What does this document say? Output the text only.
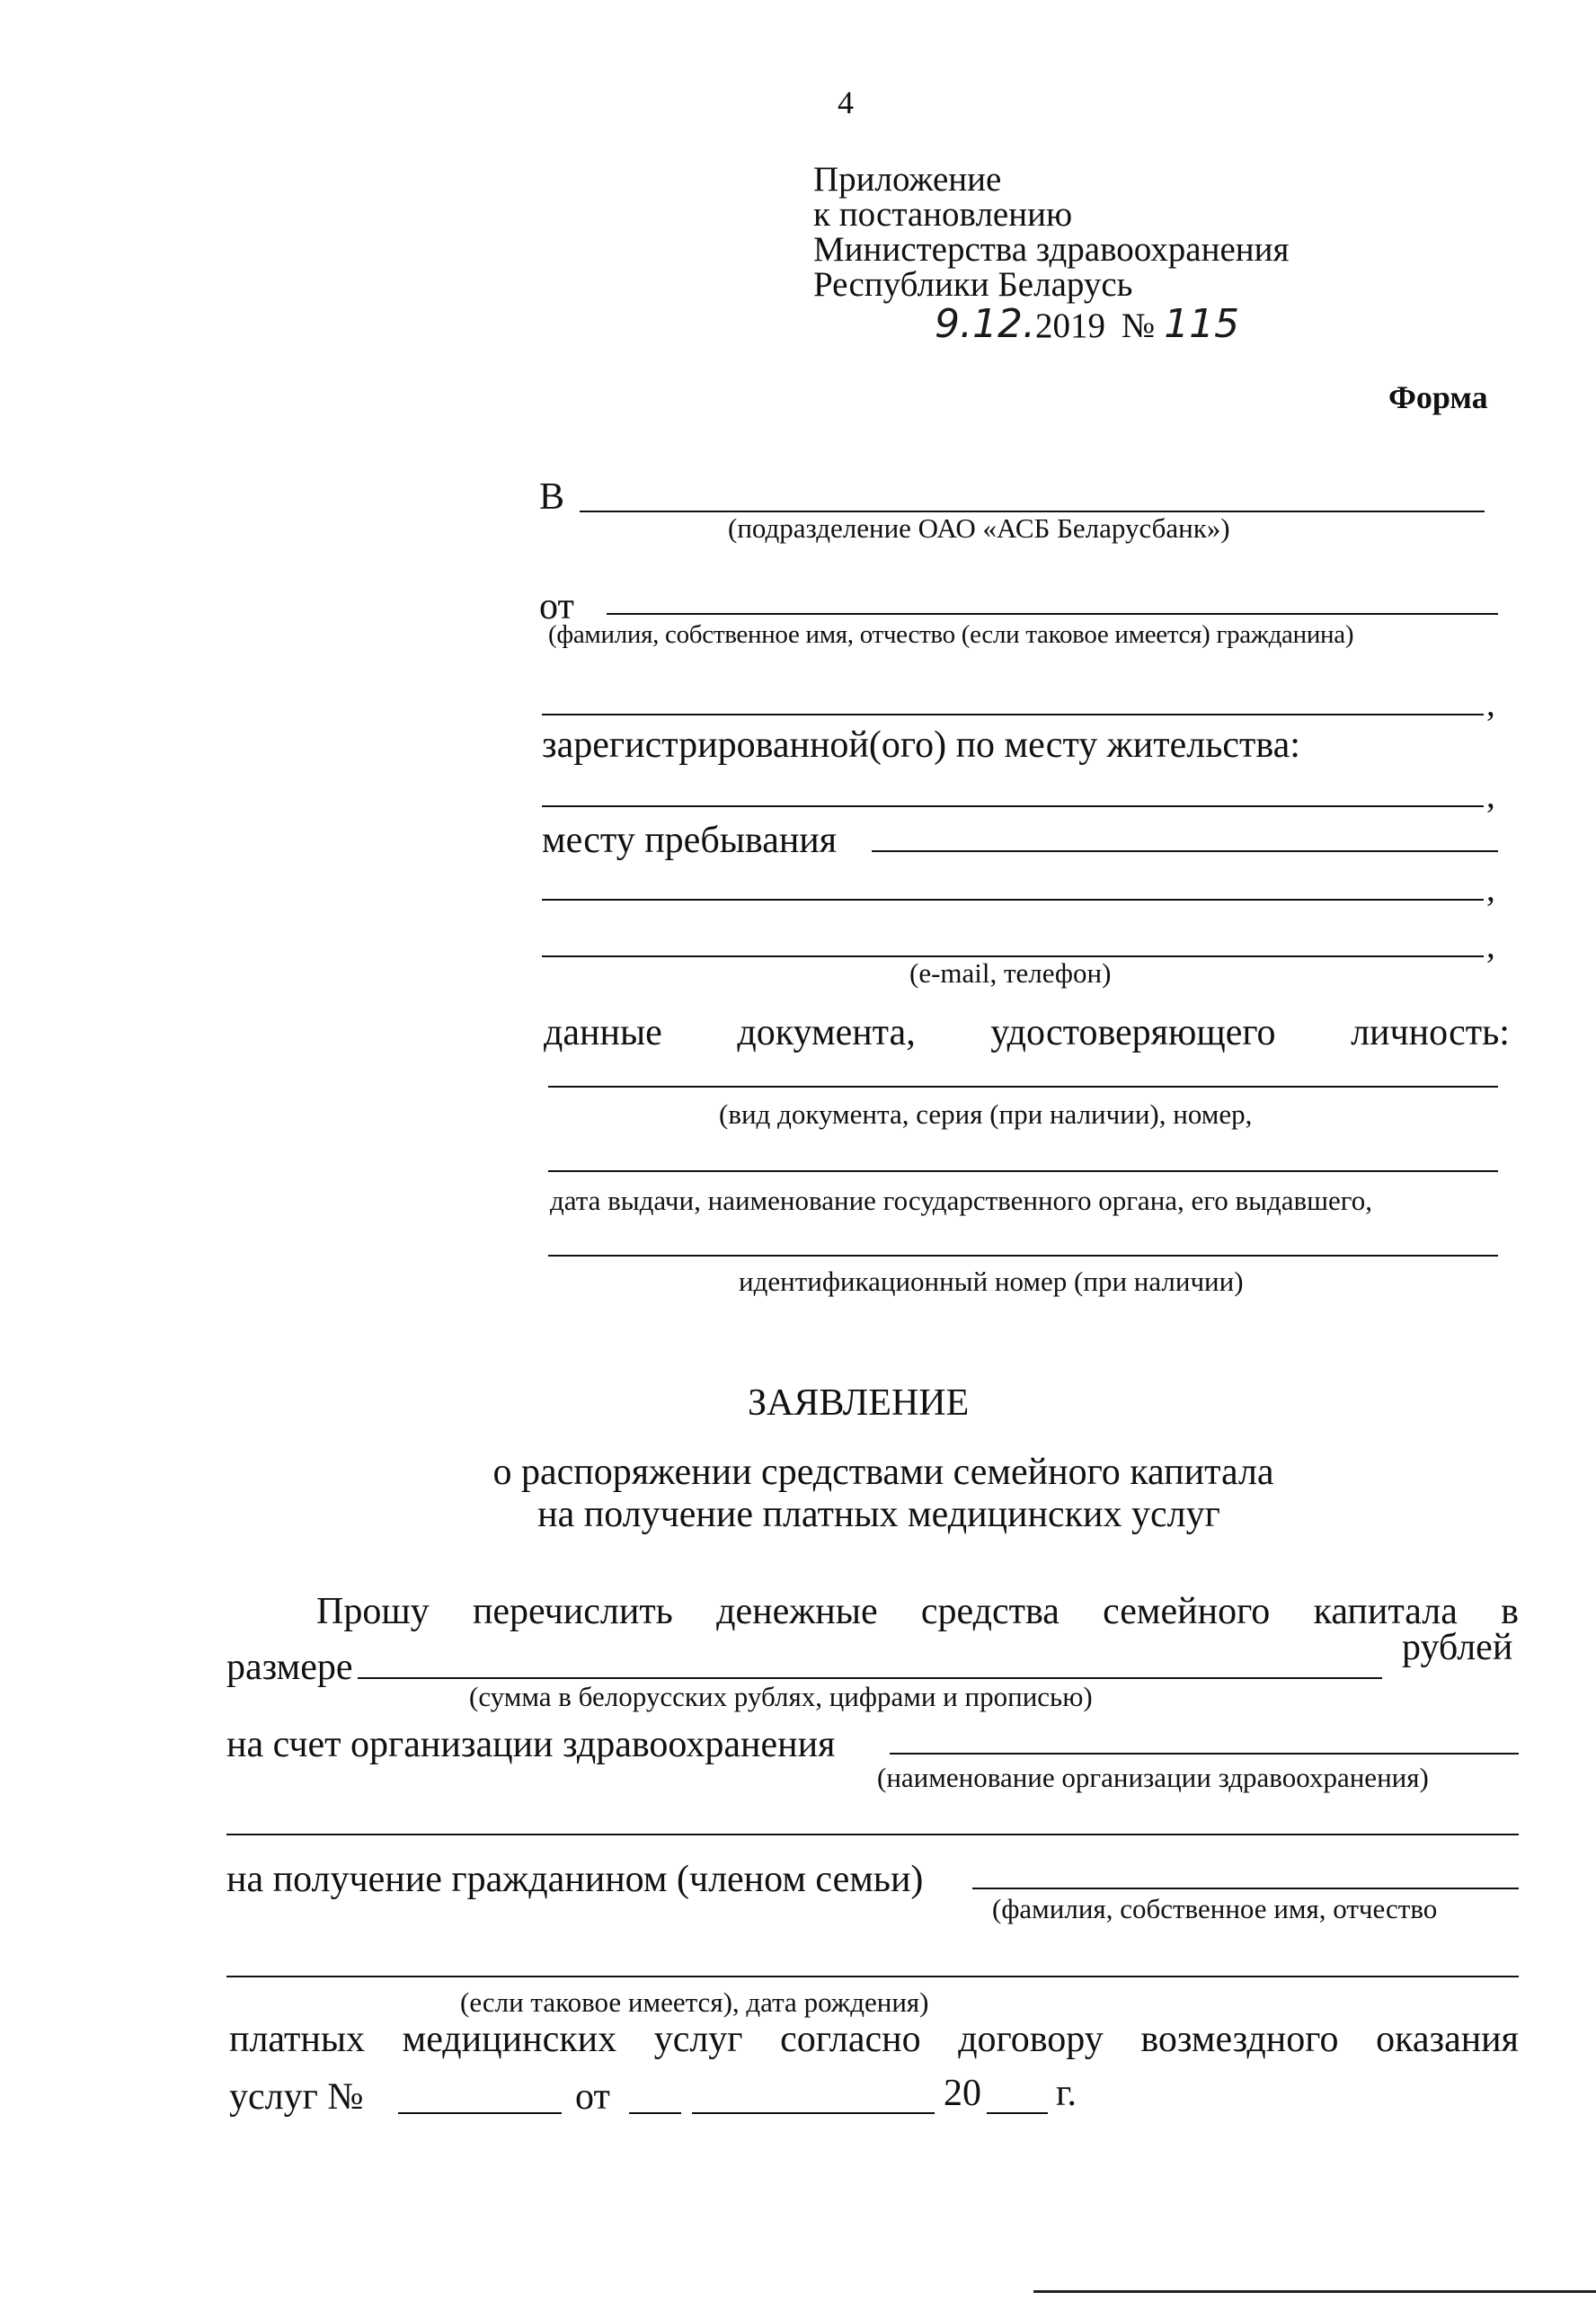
4
Приложение
к постановлению
Министерства здравоохранения
Республики Беларусь
9.12.2019 № 115
Форма
В
(подразделение ОАО «АСБ Беларусбанк»)
от
(фамилия, собственное имя, отчество (если таковое имеется) гражданина)
,
зарегистрированной(ого) по месту жительства:
,
месту пребывания
,
,
(e-mail, телефон)
данные документа, удостоверяющего личность:
(вид документа, серия (при наличии), номер,
дата выдачи, наименование государственного органа, его выдавшего,
идентификационный номер (при наличии)
ЗАЯВЛЕНИЕ
о распоряжении средствами семейного капитала
на получение платных медицинских услуг
Прошу перечислить денежные средства семейного капитала в
размере	рублей
(сумма в белорусских рублях, цифрами и прописью)
на счет организации здравоохранения
(наименование организации здравоохранения)
на получение гражданином (членом семьи)
(фамилия, собственное имя, отчество
(если таковое имеется), дата рождения)
платных медицинских услуг согласно договору возмездного оказания
услуг №	от	20 г.
